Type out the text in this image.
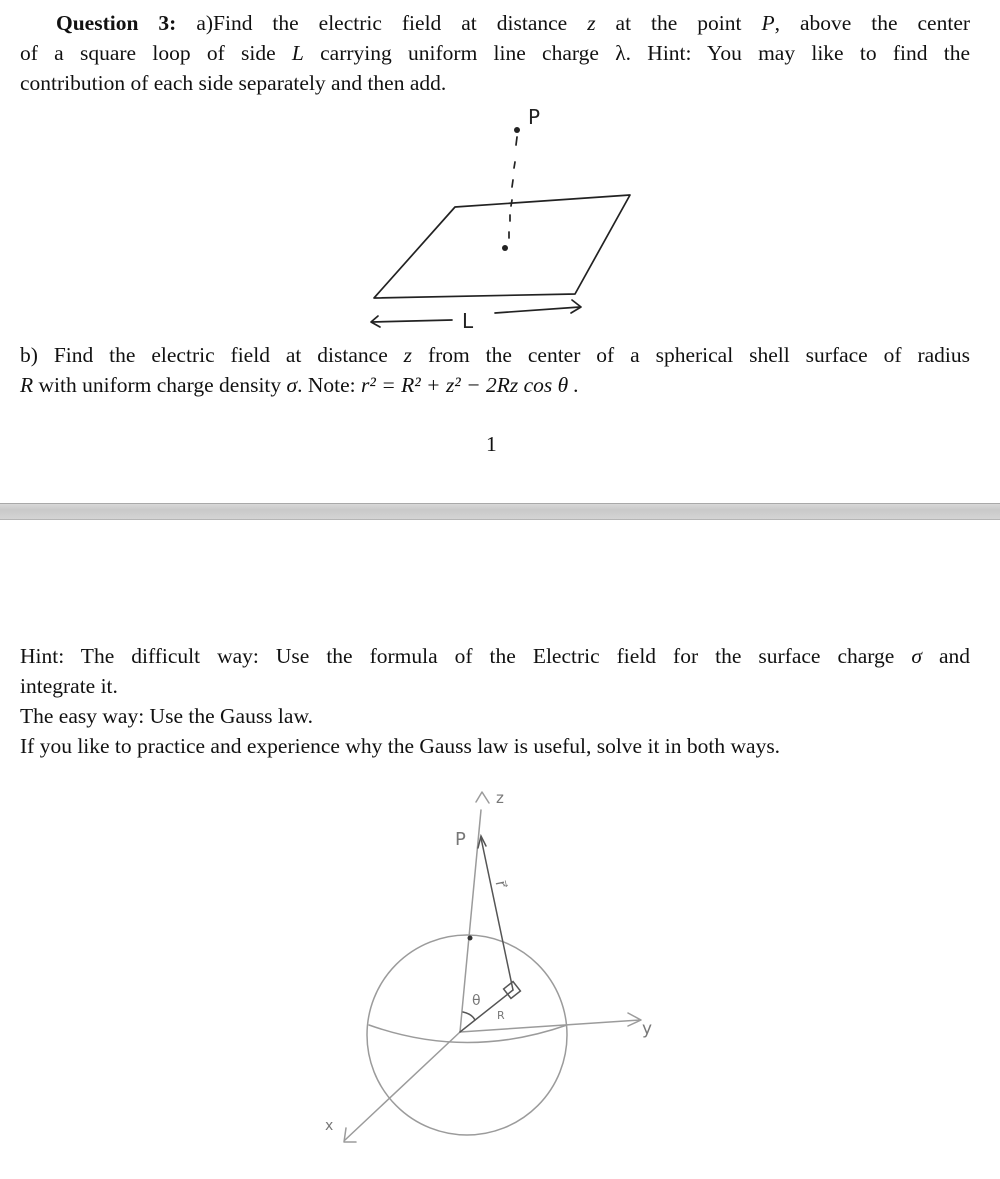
Question 3: a)Find the electric field at distance z at the point P, above the center
of a square loop of side L carrying uniform line charge λ. Hint: You may like to find the
contribution of each side separately and then add.
P
L
b) Find the electric field at distance z from the center of a spherical shell surface of radius
R with uniform charge density σ. Note: r² = R² + z² − 2Rz cos θ .
1
Hint: The difficult way: Use the formula of the Electric field for the surface charge σ and
integrate it.
The easy way: Use the Gauss law.
If you like to practice and experience why the Gauss law is useful, solve it in both ways.
y
x
z
P
r⃗
R
θ
